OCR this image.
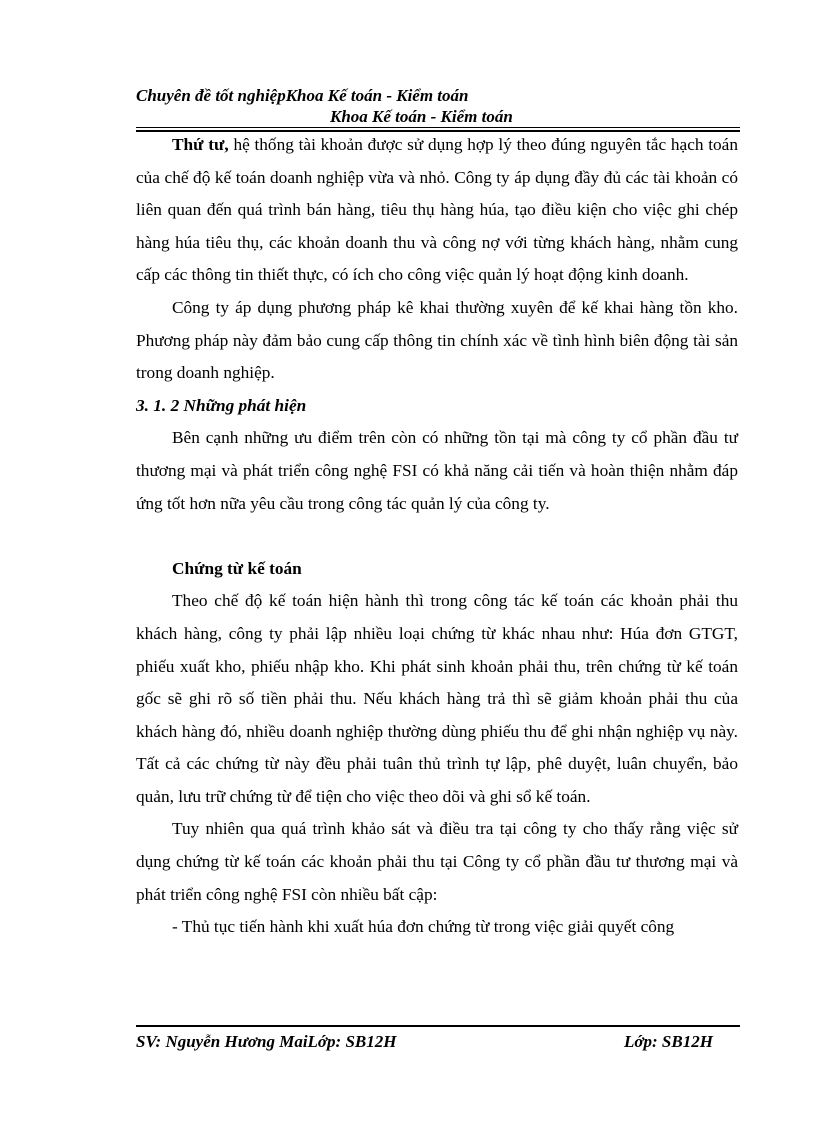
Chuyên đề tốt nghiệpKhoa Kế toán - Kiểm toán
Khoa Kế toán - Kiểm toán

Thứ tư, hệ thống tài khoản được sử dụng hợp lý theo đúng nguyên tắc hạch toán của chế độ kế toán doanh nghiệp vừa và nhỏ. Công ty áp dụng đầy đủ các tài khoản có liên quan đến quá trình bán hàng, tiêu thụ hàng húa, tạo điều kiện cho việc ghi chép hàng húa tiêu thụ, các khoản doanh thu và công nợ với từng khách hàng, nhằm cung cấp các thông tin thiết thực, có ích cho công việc quản lý hoạt động kinh doanh.

Công ty áp dụng phương pháp kê khai thường xuyên để kế khai hàng tồn kho. Phương pháp này đảm bảo cung cấp thông tin chính xác về tình hình biên động tài sản trong doanh nghiệp.

3. 1. 2 Những phát hiện

Bên cạnh những ưu điểm trên còn có những tồn tại mà công ty cổ phần đầu tư thương mại và phát triển công nghệ FSI có khả năng cải tiến và hoàn thiện nhằm đáp ứng tốt hơn nữa yêu cầu trong công tác quản lý của công ty.

Chứng từ kế toán

Theo chế độ kế toán hiện hành thì trong công tác kế toán các khoản phải thu khách hàng, công ty phải lập nhiều loại chứng từ khác nhau như: Húa đơn GTGT, phiếu xuất kho, phiếu nhập kho. Khi phát sinh khoản phải thu, trên chứng từ kế toán gốc sẽ ghi rõ số tiền phải thu. Nếu khách hàng trả thì sẽ giảm khoản phải thu của khách hàng đó, nhiều doanh nghiệp thường dùng phiếu thu để ghi nhận nghiệp vụ này. Tất cả các chứng từ này đều phải tuân thủ trình tự lập, phê duyệt, luân chuyển, bảo quản, lưu trữ chứng từ để tiện cho việc theo dõi và ghi sổ kế toán.

Tuy nhiên qua quá trình khảo sát và điều tra tại công ty cho thấy rằng việc sử dụng chứng từ kế toán các khoản phải thu tại Công ty cổ phần đầu tư thương mại và phát triển công nghệ FSI còn nhiều bất cập:

- Thủ tục tiến hành khi xuất húa đơn chứng từ trong việc giải quyết công

SV: Nguyễn Hương MaiLớp: SB12H	Lớp: SB12H
